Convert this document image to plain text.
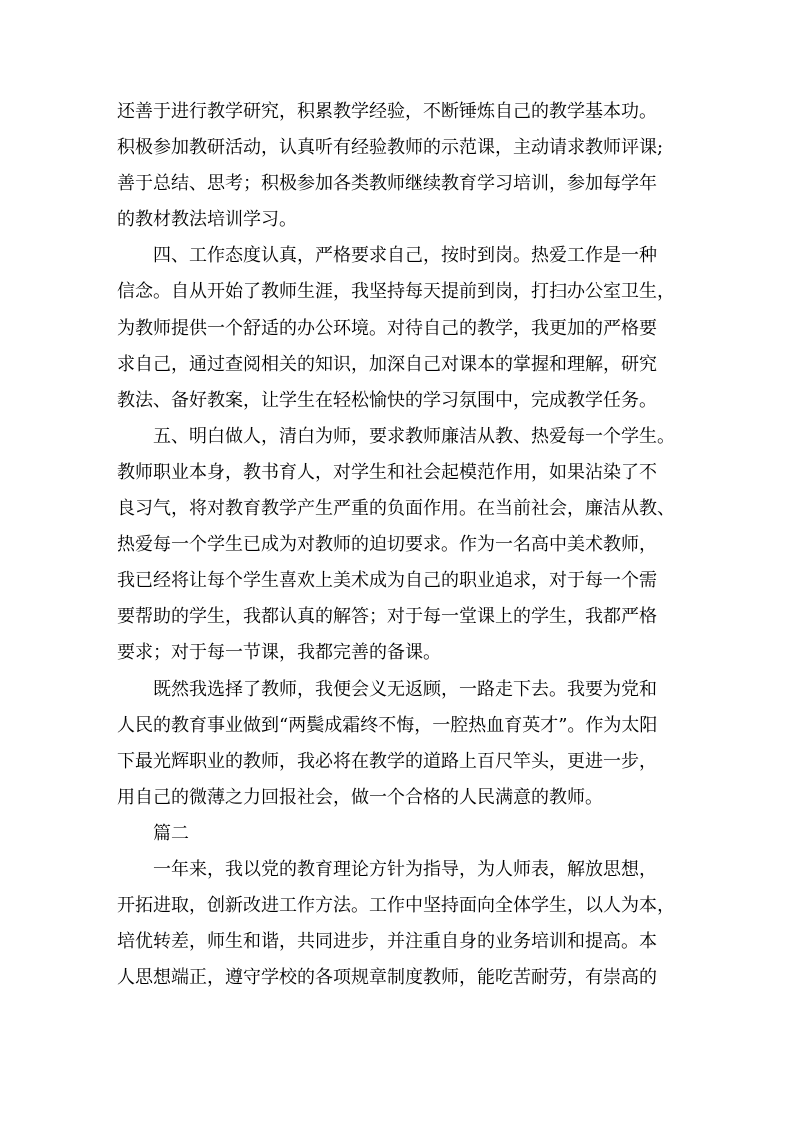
还善于进行教学研究，积累教学经验，不断锤炼自己的教学基本功。
积极参加教研活动，认真听有经验教师的示范课，主动请求教师评课;
善于总结、思考；积极参加各类教师继续教育学习培训，参加每学年
的教材教法培训学习。
四、工作态度认真，严格要求自己，按时到岗。热爱工作是一种
信念。自从开始了教师生涯，我坚持每天提前到岗，打扫办公室卫生，
为教师提供一个舒适的办公环境。对待自己的教学，我更加的严格要
求自己，通过查阅相关的知识，加深自己对课本的掌握和理解，研究
教法、备好教案，让学生在轻松愉快的学习氛围中，完成教学任务。
五、明白做人，清白为师，要求教师廉洁从教、热爱每一个学生。
教师职业本身，教书育人，对学生和社会起模范作用，如果沾染了不
良习气，将对教育教学产生严重的负面作用。在当前社会，廉洁从教、
热爱每一个学生已成为对教师的迫切要求。作为一名高中美术教师，
我已经将让每个学生喜欢上美术成为自己的职业追求，对于每一个需
要帮助的学生，我都认真的解答；对于每一堂课上的学生，我都严格
要求；对于每一节课，我都完善的备课。
既然我选择了教师，我便会义无返顾，一路走下去。我要为党和
人民的教育事业做到“两鬓成霜终不悔，一腔热血育英才”。作为太阳
下最光辉职业的教师，我必将在教学的道路上百尺竿头，更进一步，
用自己的微薄之力回报社会，做一个合格的人民满意的教师。
篇二
一年来，我以党的教育理论方针为指导，为人师表，解放思想，
开拓进取，创新改进工作方法。工作中坚持面向全体学生，以人为本，
培优转差，师生和谐，共同进步，并注重自身的业务培训和提高。本
人思想端正，遵守学校的各项规章制度教师，能吃苦耐劳，有崇高的
